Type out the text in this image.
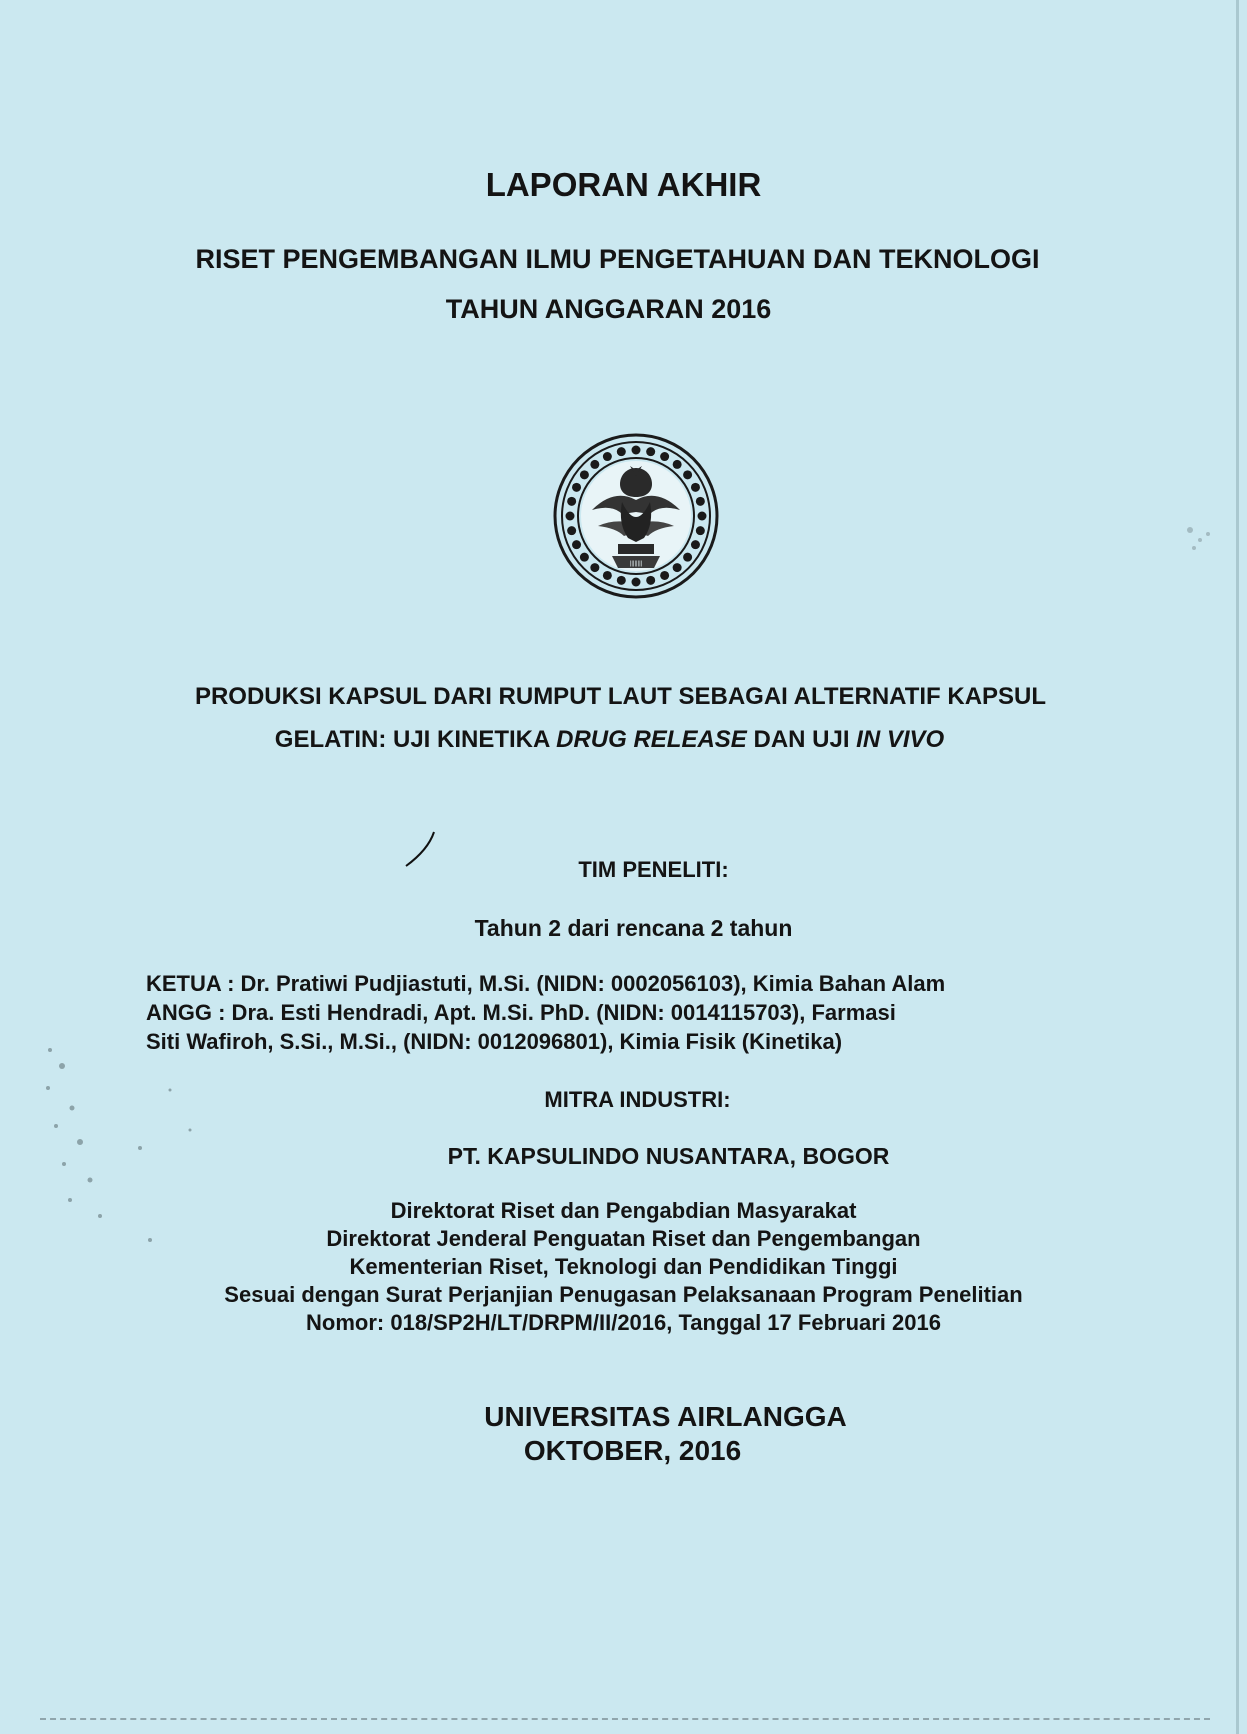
LAPORAN AKHIR
RISET PENGEMBANGAN ILMU PENGETAHUAN DAN TEKNOLOGI
TAHUN ANGGARAN 2016
||||||||
PRODUKSI KAPSUL DARI RUMPUT LAUT SEBAGAI ALTERNATIF KAPSUL
GELATIN: UJI KINETIKA DRUG RELEASE DAN UJI IN VIVO
TIM PENELITI:
Tahun 2 dari rencana 2 tahun
KETUA : Dr. Pratiwi Pudjiastuti, M.Si. (NIDN: 0002056103), Kimia Bahan Alam
ANGG : Dra. Esti Hendradi, Apt. M.Si. PhD. (NIDN: 0014115703), Farmasi
Siti Wafiroh, S.Si., M.Si., (NIDN: 0012096801), Kimia Fisik (Kinetika)
MITRA INDUSTRI:
PT. KAPSULINDO NUSANTARA, BOGOR
Direktorat Riset dan Pengabdian Masyarakat
Direktorat Jenderal Penguatan Riset dan Pengembangan
Kementerian Riset, Teknologi dan Pendidikan Tinggi
Sesuai dengan Surat Perjanjian Penugasan Pelaksanaan Program Penelitian
Nomor: 018/SP2H/LT/DRPM/II/2016, Tanggal 17 Februari 2016
UNIVERSITAS AIRLANGGA
OKTOBER, 2016
